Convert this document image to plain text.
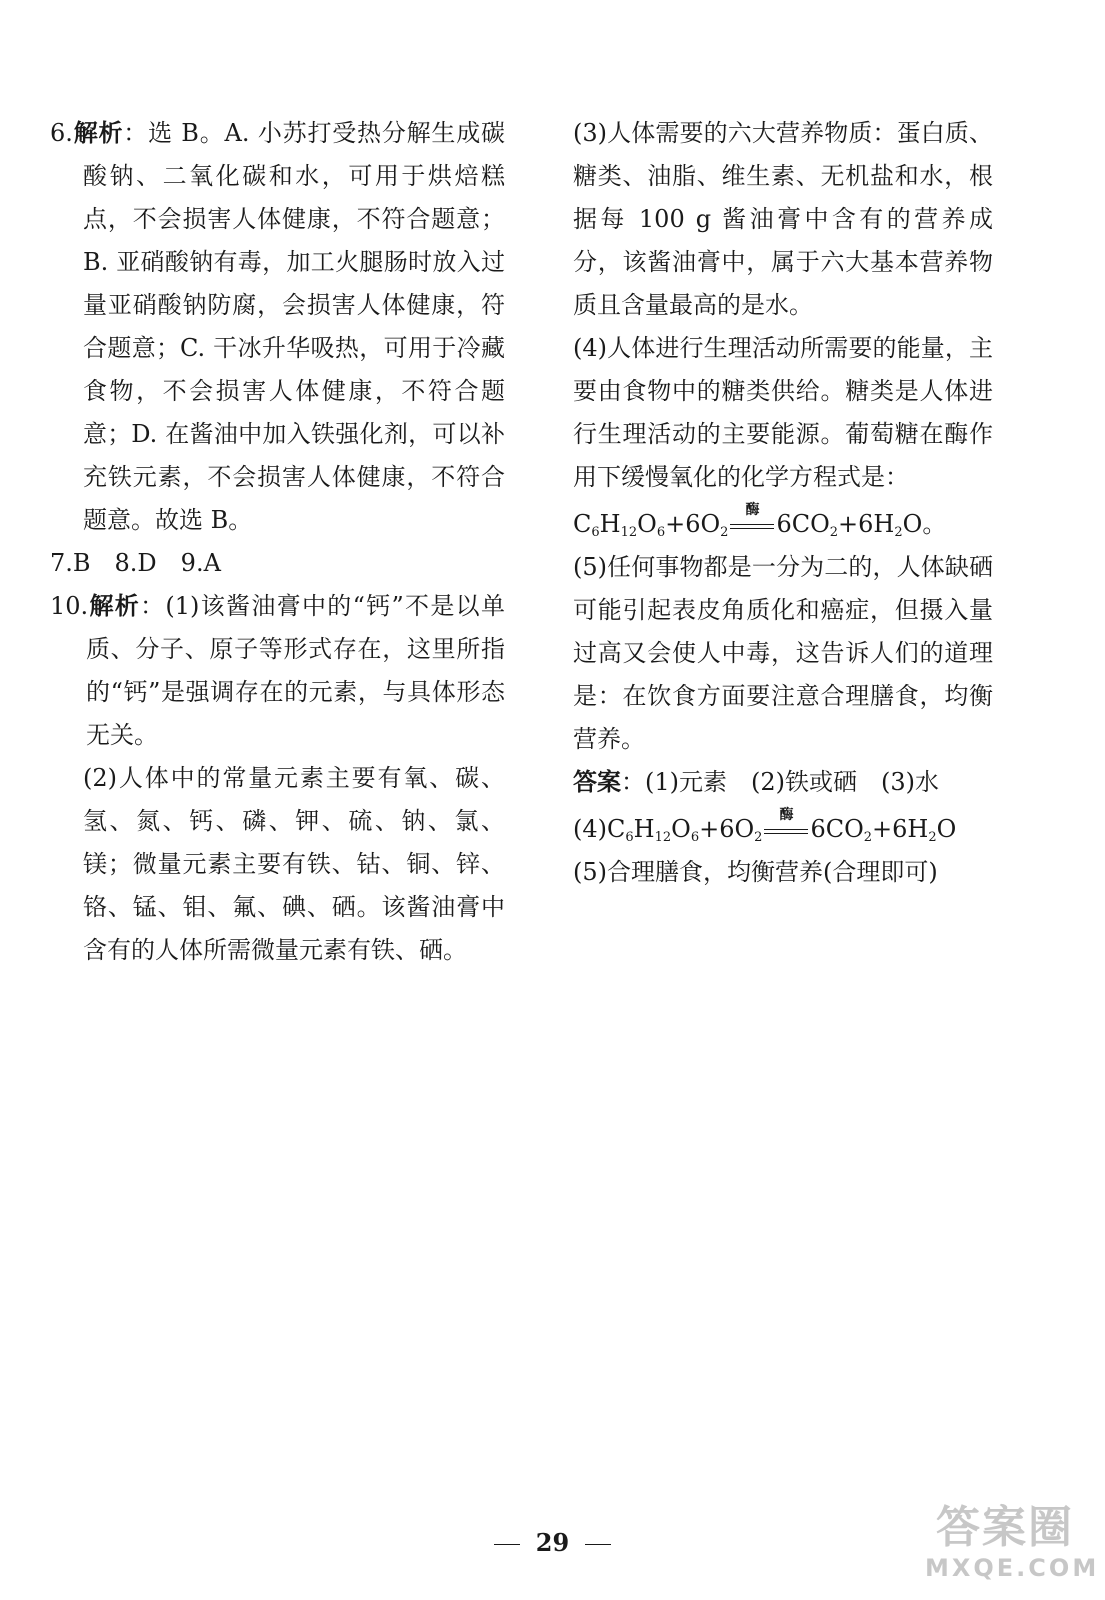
6.解析：选 B。A. 小苏打受热分解生成碳酸钠、二氧化碳和水，可用于烘焙糕点，不会损害人体健康，不符合题意；B. 亚硝酸钠有毒，加工火腿肠时放入过量亚硝酸钠防腐，会损害人体健康，符合题意；C. 干冰升华吸热，可用于冷藏食物，不会损害人体健康，不符合题意；D. 在酱油中加入铁强化剂，可以补充铁元素，不会损害人体健康，不符合题意。故选 B。

7.B　8.D　9.A

10.解析：(1)该酱油膏中的“钙”不是以单质、分子、原子等形式存在，这里所指的“钙”是强调存在的元素，与具体形态无关。

(2)人体中的常量元素主要有氧、碳、氢、氮、钙、磷、钾、硫、钠、氯、镁；微量元素主要有铁、钴、铜、锌、铬、锰、钼、氟、碘、硒。该酱油膏中含有的人体所需微量元素有铁、硒。

(3)人体需要的六大营养物质：蛋白质、糖类、油脂、维生素、无机盐和水，根据每 100 g 酱油膏中含有的营养成分，该酱油膏中，属于六大基本营养物质且含量最高的是水。

(4)人体进行生理活动所需要的能量，主要由食物中的糖类供给。糖类是人体进行生理活动的主要能源。葡萄糖在酶作用下缓慢氧化的化学方程式是：

$C_6H_{12}O_6+6O_2$
酶
$6CO_2+6H_2O$。

(5)任何事物都是一分为二的，人体缺硒可能引起表皮角质化和癌症，但摄入量过高又会使人中毒，这告诉人们的道理是：在饮食方面要注意合理膳食，均衡营养。

答案：(1)元素　(2)铁或硒　(3)水

$(4)C_6H_{12}O_6+6O_2$
酶
$6CO_2+6H_2O$

(5)合理膳食，均衡营养(合理即可)

29	答案圈
MXQE.COM
